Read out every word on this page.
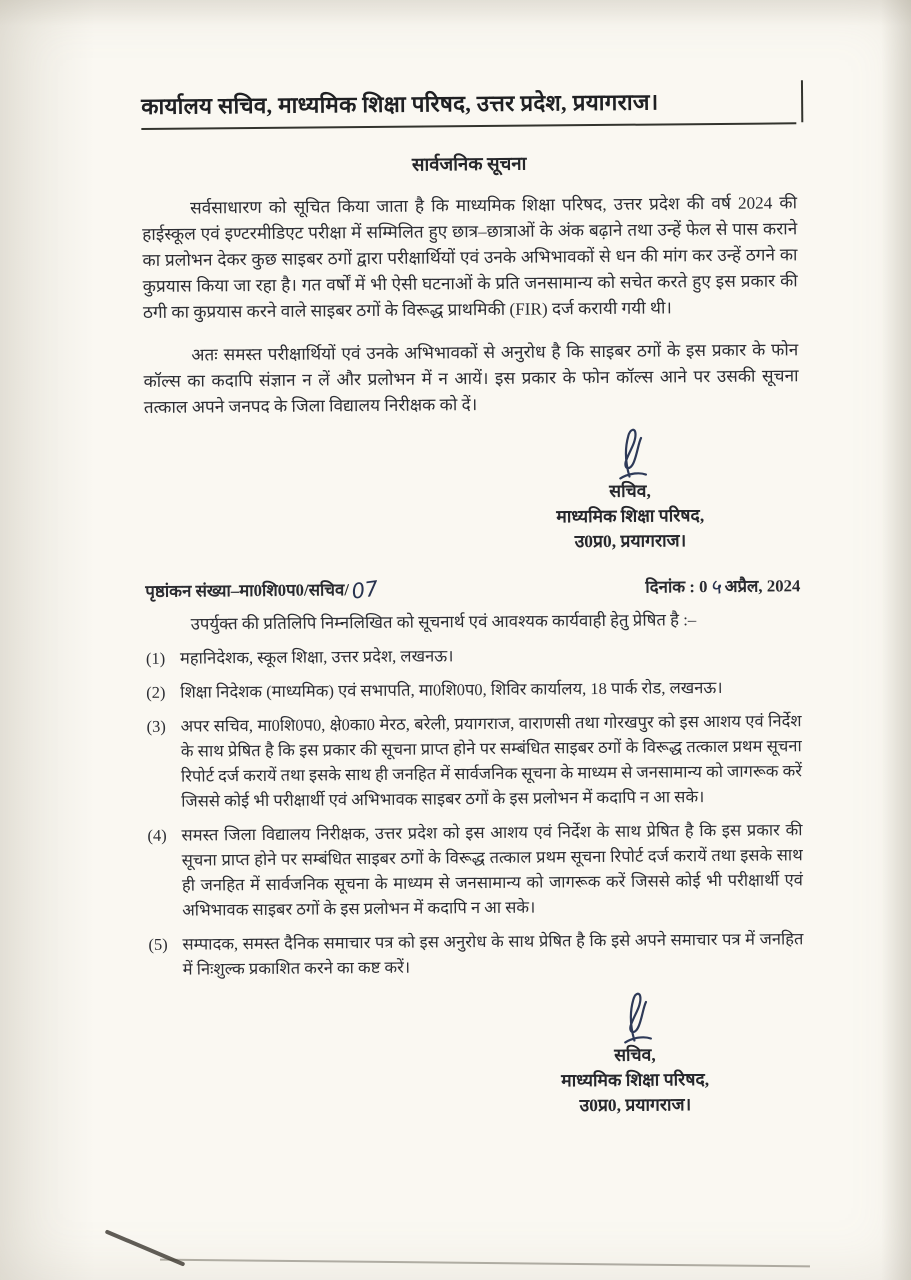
कार्यालय सचिव, माध्यमिक शिक्षा परिषद, उत्तर प्रदेश, प्रयागराज।
सार्वजनिक सूचना

सर्वसाधारण को सूचित किया जाता है कि माध्यमिक शिक्षा परिषद, उत्तर प्रदेश की वर्ष 2024 की हाईस्कूल एवं इण्टरमीडिएट परीक्षा में सम्मिलित हुए छात्र–छात्राओं के अंक बढ़ाने तथा उन्हें फेल से पास कराने का प्रलोभन देकर कुछ साइबर ठगों द्वारा परीक्षार्थियों एवं उनके अभिभावकों से धन की मांग कर उन्हें ठगने का कुप्रयास किया जा रहा है। गत वर्षों में भी ऐसी घटनाओं के प्रति जनसामान्य को सचेत करते हुए इस प्रकार की ठगी का कुप्रयास करने वाले साइबर ठगों के विरूद्ध प्राथमिकी (FIR) दर्ज करायी गयी थी।

अतः समस्त परीक्षार्थियों एवं उनके अभिभावकों से अनुरोध है कि साइबर ठगों के इस प्रकार के फोन कॉल्स का कदापि संज्ञान न लें और प्रलोभन में न आयें। इस प्रकार के फोन कॉल्स आने पर उसकी सूचना तत्काल अपने जनपद के जिला विद्यालय निरीक्षक को दें।

सचिव,
माध्यमिक शिक्षा परिषद,
उ0प्र0, प्रयागराज।
पृष्ठांकन संख्या–मा0शि0प0/सचिव/07	दिनांक : 0५ अप्रैल, 2024

उपर्युक्त की प्रतिलिपि निम्नलिखित को सूचनार्थ एवं आवश्यक कार्यवाही हेतु प्रेषित है :–

(1) महानिदेशक, स्कूल शिक्षा, उत्तर प्रदेश, लखनऊ।
(2) शिक्षा निदेशक (माध्यमिक) एवं सभापति, मा0शि0प0, शिविर कार्यालय, 18 पार्क रोड, लखनऊ।
(3) अपर सचिव, मा0शि0प0, क्षे0का0 मेरठ, बरेली, प्रयागराज, वाराणसी तथा गोरखपुर को इस आशय एवं निर्देश के साथ प्रेषित है कि इस प्रकार की सूचना प्राप्त होने पर सम्बंधित साइबर ठगों के विरूद्ध तत्काल प्रथम सूचना रिपोर्ट दर्ज करायें तथा इसके साथ ही जनहित में सार्वजनिक सूचना के माध्यम से जनसामान्य को जागरूक करें जिससे कोई भी परीक्षार्थी एवं अभिभावक साइबर ठगों के इस प्रलोभन में कदापि न आ सके।
(4) समस्त जिला विद्यालय निरीक्षक, उत्तर प्रदेश को इस आशय एवं निर्देश के साथ प्रेषित है कि इस प्रकार की सूचना प्राप्त होने पर सम्बंधित साइबर ठगों के विरूद्ध तत्काल प्रथम सूचना रिपोर्ट दर्ज करायें तथा इसके साथ ही जनहित में सार्वजनिक सूचना के माध्यम से जनसामान्य को जागरूक करें जिससे कोई भी परीक्षार्थी एवं अभिभावक साइबर ठगों के इस प्रलोभन में कदापि न आ सके।
(5) सम्पादक, समस्त दैनिक समाचार पत्र को इस अनुरोध के साथ प्रेषित है कि इसे अपने समाचार पत्र में जनहित में निःशुल्क प्रकाशित करने का कष्ट करें।
सचिव,
माध्यमिक शिक्षा परिषद,
उ0प्र0, प्रयागराज।
